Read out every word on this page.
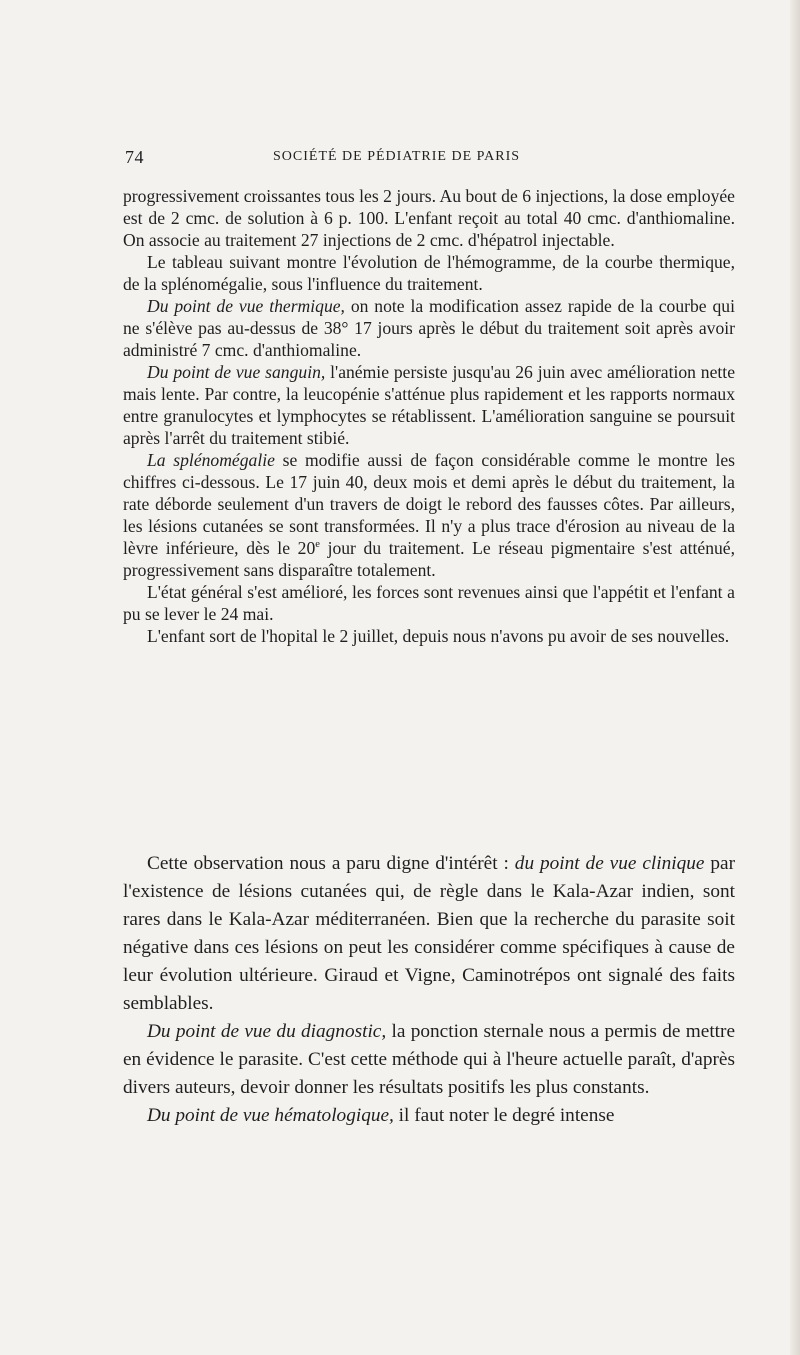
74	SOCIÉTÉ DE PÉDIATRIE DE PARIS

progressivement croissantes tous les 2 jours. Au bout de 6 injections, la dose employée est de 2 cmc. de solution à 6 p. 100. L'enfant reçoit au total 40 cmc. d'anthiomaline. On associe au traitement 27 injections de 2 cmc. d'hépatrol injectable.

Le tableau suivant montre l'évolution de l'hémogramme, de la courbe thermique, de la splénomégalie, sous l'influence du traitement.

Du point de vue thermique, on note la modification assez rapide de la courbe qui ne s'élève pas au-dessus de 38° 17 jours après le début du traitement soit après avoir administré 7 cmc. d'anthiomaline.

Du point de vue sanguin, l'anémie persiste jusqu'au 26 juin avec amélioration nette mais lente. Par contre, la leucopénie s'atténue plus rapidement et les rapports normaux entre granulocytes et lymphocytes se rétablissent. L'amélioration sanguine se poursuit après l'arrêt du traitement stibié.

La splénomégalie se modifie aussi de façon considérable comme le montre les chiffres ci-dessous. Le 17 juin 40, deux mois et demi après le début du traitement, la rate déborde seulement d'un travers de doigt le rebord des fausses côtes. Par ailleurs, les lésions cutanées se sont transformées. Il n'y a plus trace d'érosion au niveau de la lèvre inférieure, dès le 20e jour du traitement. Le réseau pigmentaire s'est atténué, progressivement sans disparaître totalement.

L'état général s'est amélioré, les forces sont revenues ainsi que l'appétit et l'enfant a pu se lever le 24 mai.

L'enfant sort de l'hopital le 2 juillet, depuis nous n'avons pu avoir de ses nouvelles.

Cette observation nous a paru digne d'intérêt : du point de vue clinique par l'existence de lésions cutanées qui, de règle dans le Kala-Azar indien, sont rares dans le Kala-Azar méditerranéen. Bien que la recherche du parasite soit négative dans ces lésions on peut les considérer comme spécifiques à cause de leur évolution ultérieure. Giraud et Vigne, Caminotrépos ont signalé des faits semblables.

Du point de vue du diagnostic, la ponction sternale nous a permis de mettre en évidence le parasite. C'est cette méthode qui à l'heure actuelle paraît, d'après divers auteurs, devoir donner les résultats positifs les plus constants.

Du point de vue hématologique, il faut noter le degré intense
